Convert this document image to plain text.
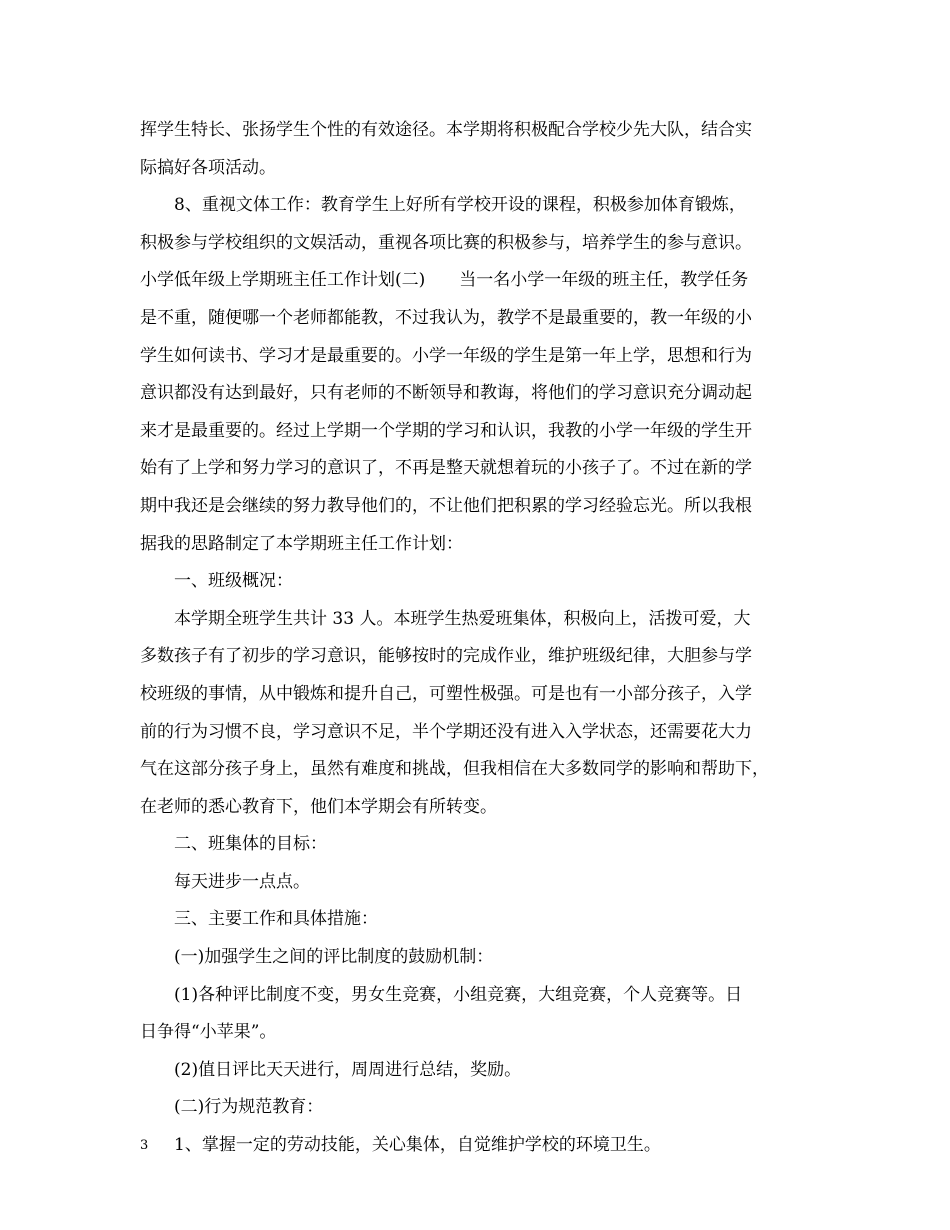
挥学生特长、张扬学生个性的有效途径。本学期将积极配合学校少先大队，结合实
际搞好各项活动。
8、重视文体工作：教育学生上好所有学校开设的课程，积极参加体育锻炼，
积极参与学校组织的文娱活动，重视各项比赛的积极参与，培养学生的参与意识。
小学低年级上学期班主任工作计划(二)　　当一名小学一年级的班主任，教学任务
是不重，随便哪一个老师都能教，不过我认为，教学不是最重要的，教一年级的小
学生如何读书、学习才是最重要的。小学一年级的学生是第一年上学，思想和行为
意识都没有达到最好，只有老师的不断领导和教诲，将他们的学习意识充分调动起
来才是最重要的。经过上学期一个学期的学习和认识，我教的小学一年级的学生开
始有了上学和努力学习的意识了，不再是整天就想着玩的小孩子了。不过在新的学
期中我还是会继续的努力教导他们的，不让他们把积累的学习经验忘光。所以我根
据我的思路制定了本学期班主任工作计划：
一、班级概况：
本学期全班学生共计 33 人。本班学生热爱班集体，积极向上，活拨可爱，大
多数孩子有了初步的学习意识，能够按时的完成作业，维护班级纪律，大胆参与学
校班级的事情，从中锻炼和提升自己，可塑性极强。可是也有一小部分孩子，入学
前的行为习惯不良，学习意识不足，半个学期还没有进入入学状态，还需要花大力
气在这部分孩子身上，虽然有难度和挑战，但我相信在大多数同学的影响和帮助下，
在老师的悉心教育下，他们本学期会有所转变。
二、班集体的目标：
每天进步一点点。
三、主要工作和具体措施：
(一)加强学生之间的评比制度的鼓励机制：
(1)各种评比制度不变，男女生竞赛，小组竞赛，大组竞赛，个人竞赛等。日
日争得“小苹果”。
(2)值日评比天天进行，周周进行总结，奖励。
(二)行为规范教育：
1、掌握一定的劳动技能，关心集体，自觉维护学校的环境卫生。
3
